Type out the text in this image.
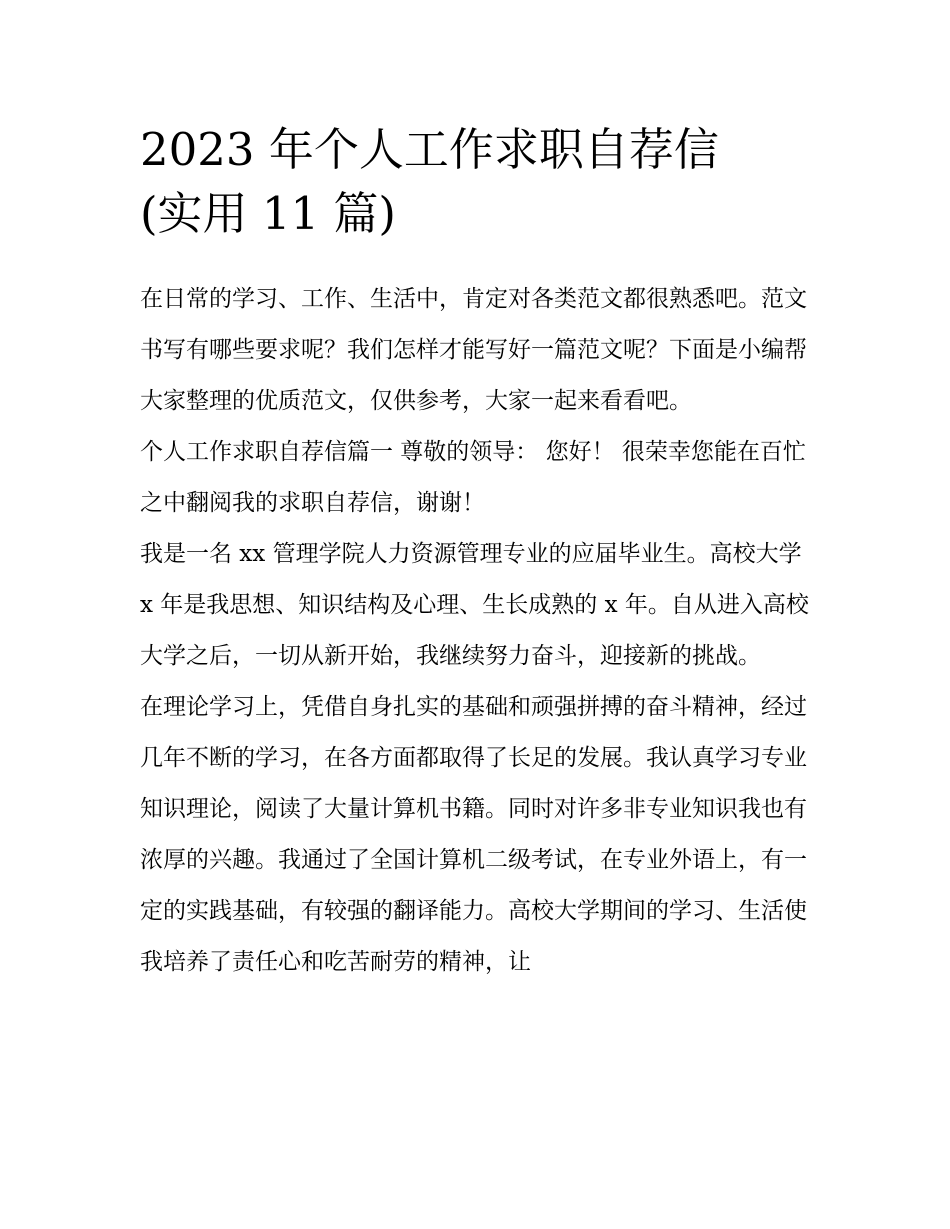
2023 年个人工作求职自荐信
(实用 11 篇)

在日常的学习、工作、生活中，肯定对各类范文都很熟悉吧。范文书写有哪些要求呢？我们怎样才能写好一篇范文呢？下面是小编帮大家整理的优质范文，仅供参考，大家一起来看看吧。

个人工作求职自荐信篇一 尊敬的领导： 您好！ 很荣幸您能在百忙之中翻阅我的求职自荐信，谢谢！

我是一名 xx 管理学院人力资源管理专业的应届毕业生。高校大学 x 年是我思想、知识结构及心理、生长成熟的 x 年。自从进入高校大学之后，一切从新开始，我继续努力奋斗，迎接新的挑战。

在理论学习上，凭借自身扎实的基础和顽强拼搏的奋斗精神，经过几年不断的学习，在各方面都取得了长足的发展。我认真学习专业知识理论，阅读了大量计算机书籍。同时对许多非专业知识我也有浓厚的兴趣。我通过了全国计算机二级考试，在专业外语上，有一定的实践基础，有较强的翻译能力。高校大学期间的学习、生活使我培养了责任心和吃苦耐劳的精神，让
